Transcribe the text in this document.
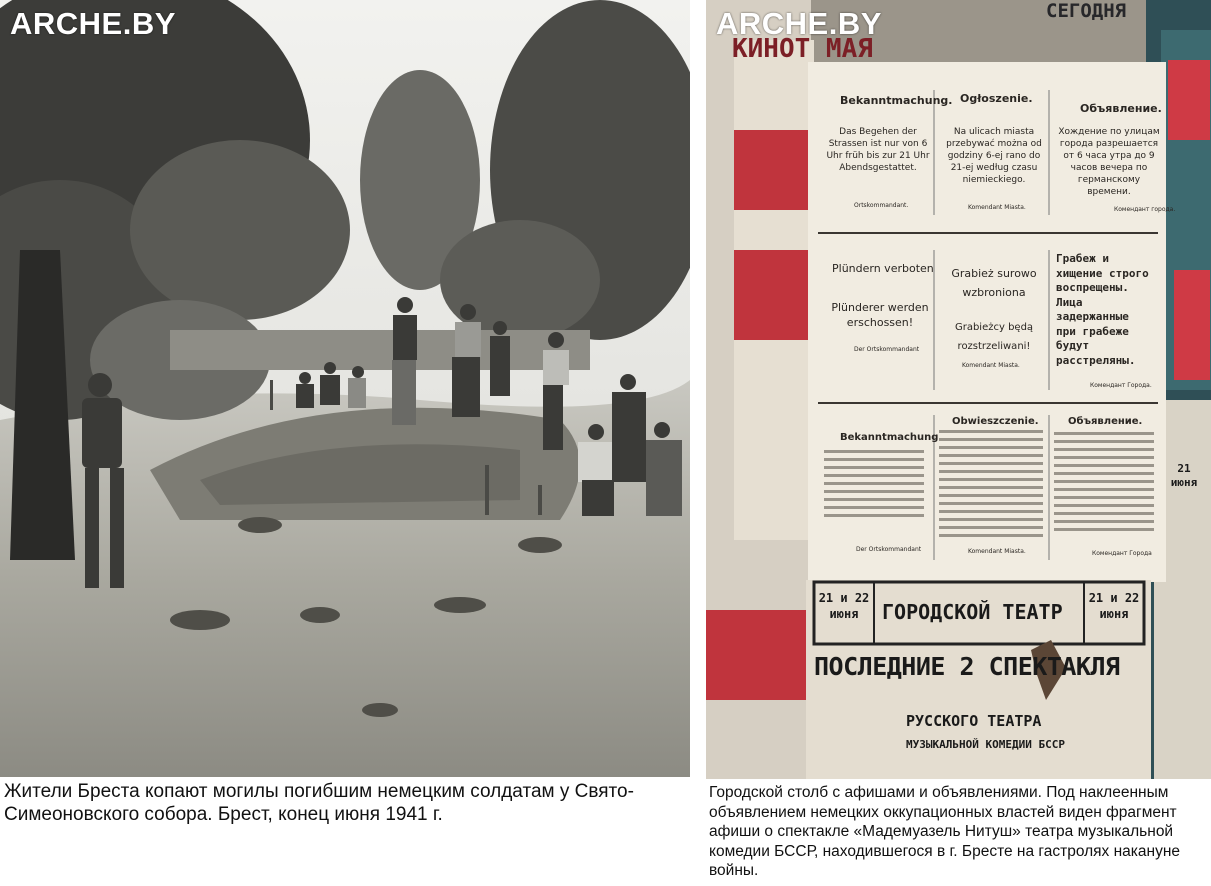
ARCHE.BY	СЕГОДНЯ
КИНОТ МАЯ
Bekanntmachung.
Das Begehen der Strassen ist nur von 6 Uhr früh bis zur 21 Uhr Abendsgestattet.
Ortskommandant.
Ogłoszenie.
Na ulicach miasta przebywać można od godziny 6-ej rano do 21-ej według czasu niemieckiego.
Komendant Miasta.
Объявление.
Хождение по улицам города разрешается от 6 часа утра до 9 часов вечера по германскому времени.
Комендант города.
Plündern verboten
Plünderer werden erschossen!
Der Ortskommandant
Grabież surowo wzbroniona
Grabieżcy będą rozstrzeliwani!
Komendant Miasta.
Грабеж и хищение строго воспрещены. Лица задержанные при грабеже будут расстреляны.
Комендант Города.
Bekanntmachung
Der Ortskommandant
Obwieszczenie.
Komendant Miasta.
Объявление.
Комендант Города
21 июня
21 и 22 июня	ГОРОДСКОЙ ТЕАТР
21 и 22 июня
ПОСЛЕДНИЕ 2 СПЕКТАКЛЯ
РУССКОГО ТЕАТРА
МУЗЫКАЛЬНОЙ КОМЕДИИ БССР
ARCHE.BY
Жители Бреста копают могилы погибшим немецким солдатам у Свято-Симеоновского собора. Брест, конец июня 1941 г.
Городской столб с афишами и объявлениями. Под наклеенным объявлением немецких оккупационных властей виден фрагмент афиши о спектакле «Мадемуазель Нитуш» театра музыкальной комедии БССР, находившегося в г. Бресте на гастролях накануне войны.
